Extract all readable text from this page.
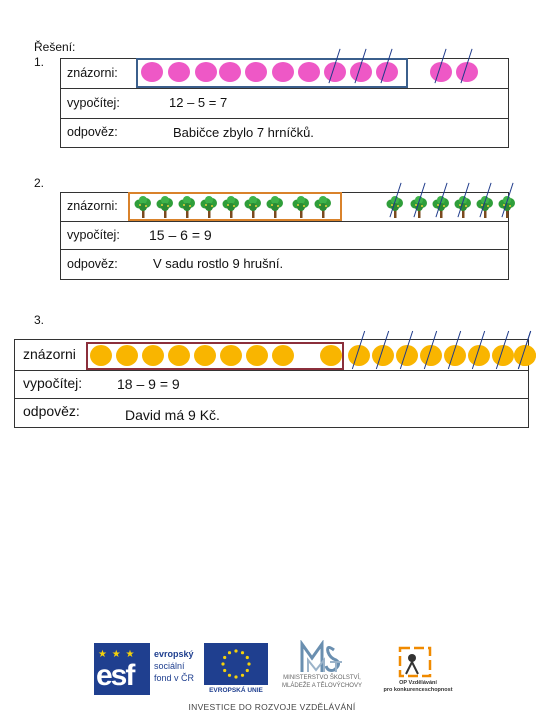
Řešení:
1.
znázorni:
vypočítej:	12 – 5 = 7
odpověz:	Babičce zbylo 7 hrníčků.
2.
znázorni:
vypočítej: 15 – 6 = 9
odpověz:	V sadu rostlo 9 hrušní.
3.
znázorni
vypočítej: 18 – 9 = 9
odpověz:	David má 9 Kč.
★ ★ ★
esf
evropský
sociální
fond v ČR
EVROPSKÁ UNIE
MINISTERSTVO ŠKOLSTVÍ,
MLÁDEŽE A TĚLOVÝCHOVY	OP Vzdělávání
pro konkurenceschopnost
INVESTICE DO ROZVOJE VZDĚLÁVÁNÍ
